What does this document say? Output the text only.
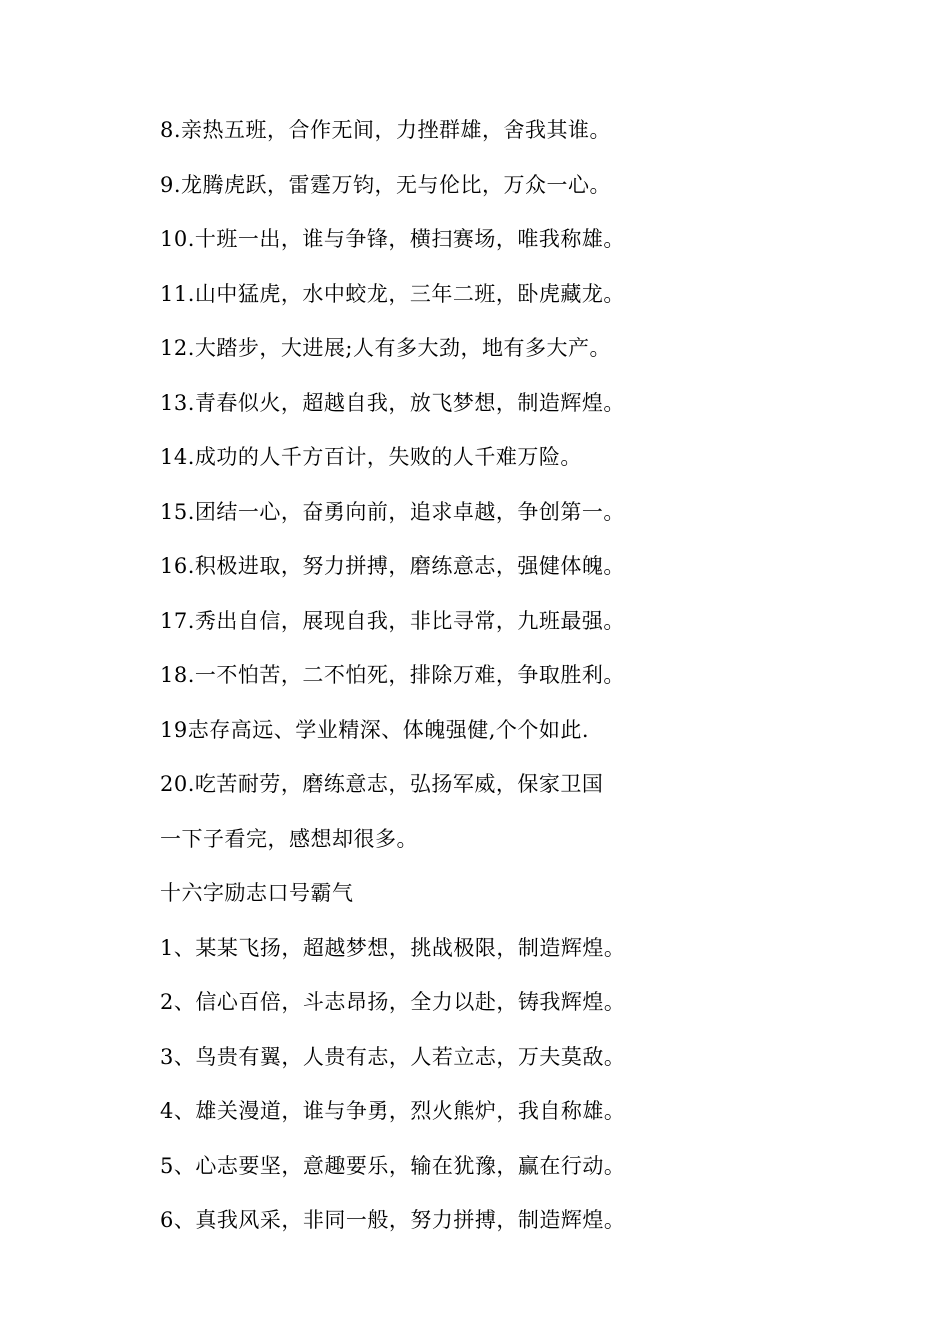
8.亲热五班，合作无间，力挫群雄，舍我其谁。
9.龙腾虎跃，雷霆万钧，无与伦比，万众一心。
10.十班一出，谁与争锋，横扫赛场，唯我称雄。
11.山中猛虎，水中蛟龙，三年二班，卧虎藏龙。
12.大踏步，大进展;人有多大劲，地有多大产。
13.青春似火，超越自我，放飞梦想，制造辉煌。
14.成功的人千方百计，失败的人千难万险。
15.团结一心，奋勇向前，追求卓越，争创第一。
16.积极进取，努力拼搏，磨练意志，强健体魄。
17.秀出自信，展现自我，非比寻常，九班最强。
18.一不怕苦，二不怕死，排除万难，争取胜利。
19志存高远、学业精深、体魄强健,个个如此.
20.吃苦耐劳，磨练意志，弘扬军威，保家卫国
一下子看完，感想却很多。
十六字励志口号霸气
1、某某飞扬，超越梦想，挑战极限，制造辉煌。
2、信心百倍，斗志昂扬，全力以赴，铸我辉煌。
3、鸟贵有翼，人贵有志，人若立志，万夫莫敌。
4、雄关漫道，谁与争勇，烈火熊炉，我自称雄。
5、心志要坚，意趣要乐，输在犹豫，赢在行动。
6、真我风采，非同一般，努力拼搏，制造辉煌。
